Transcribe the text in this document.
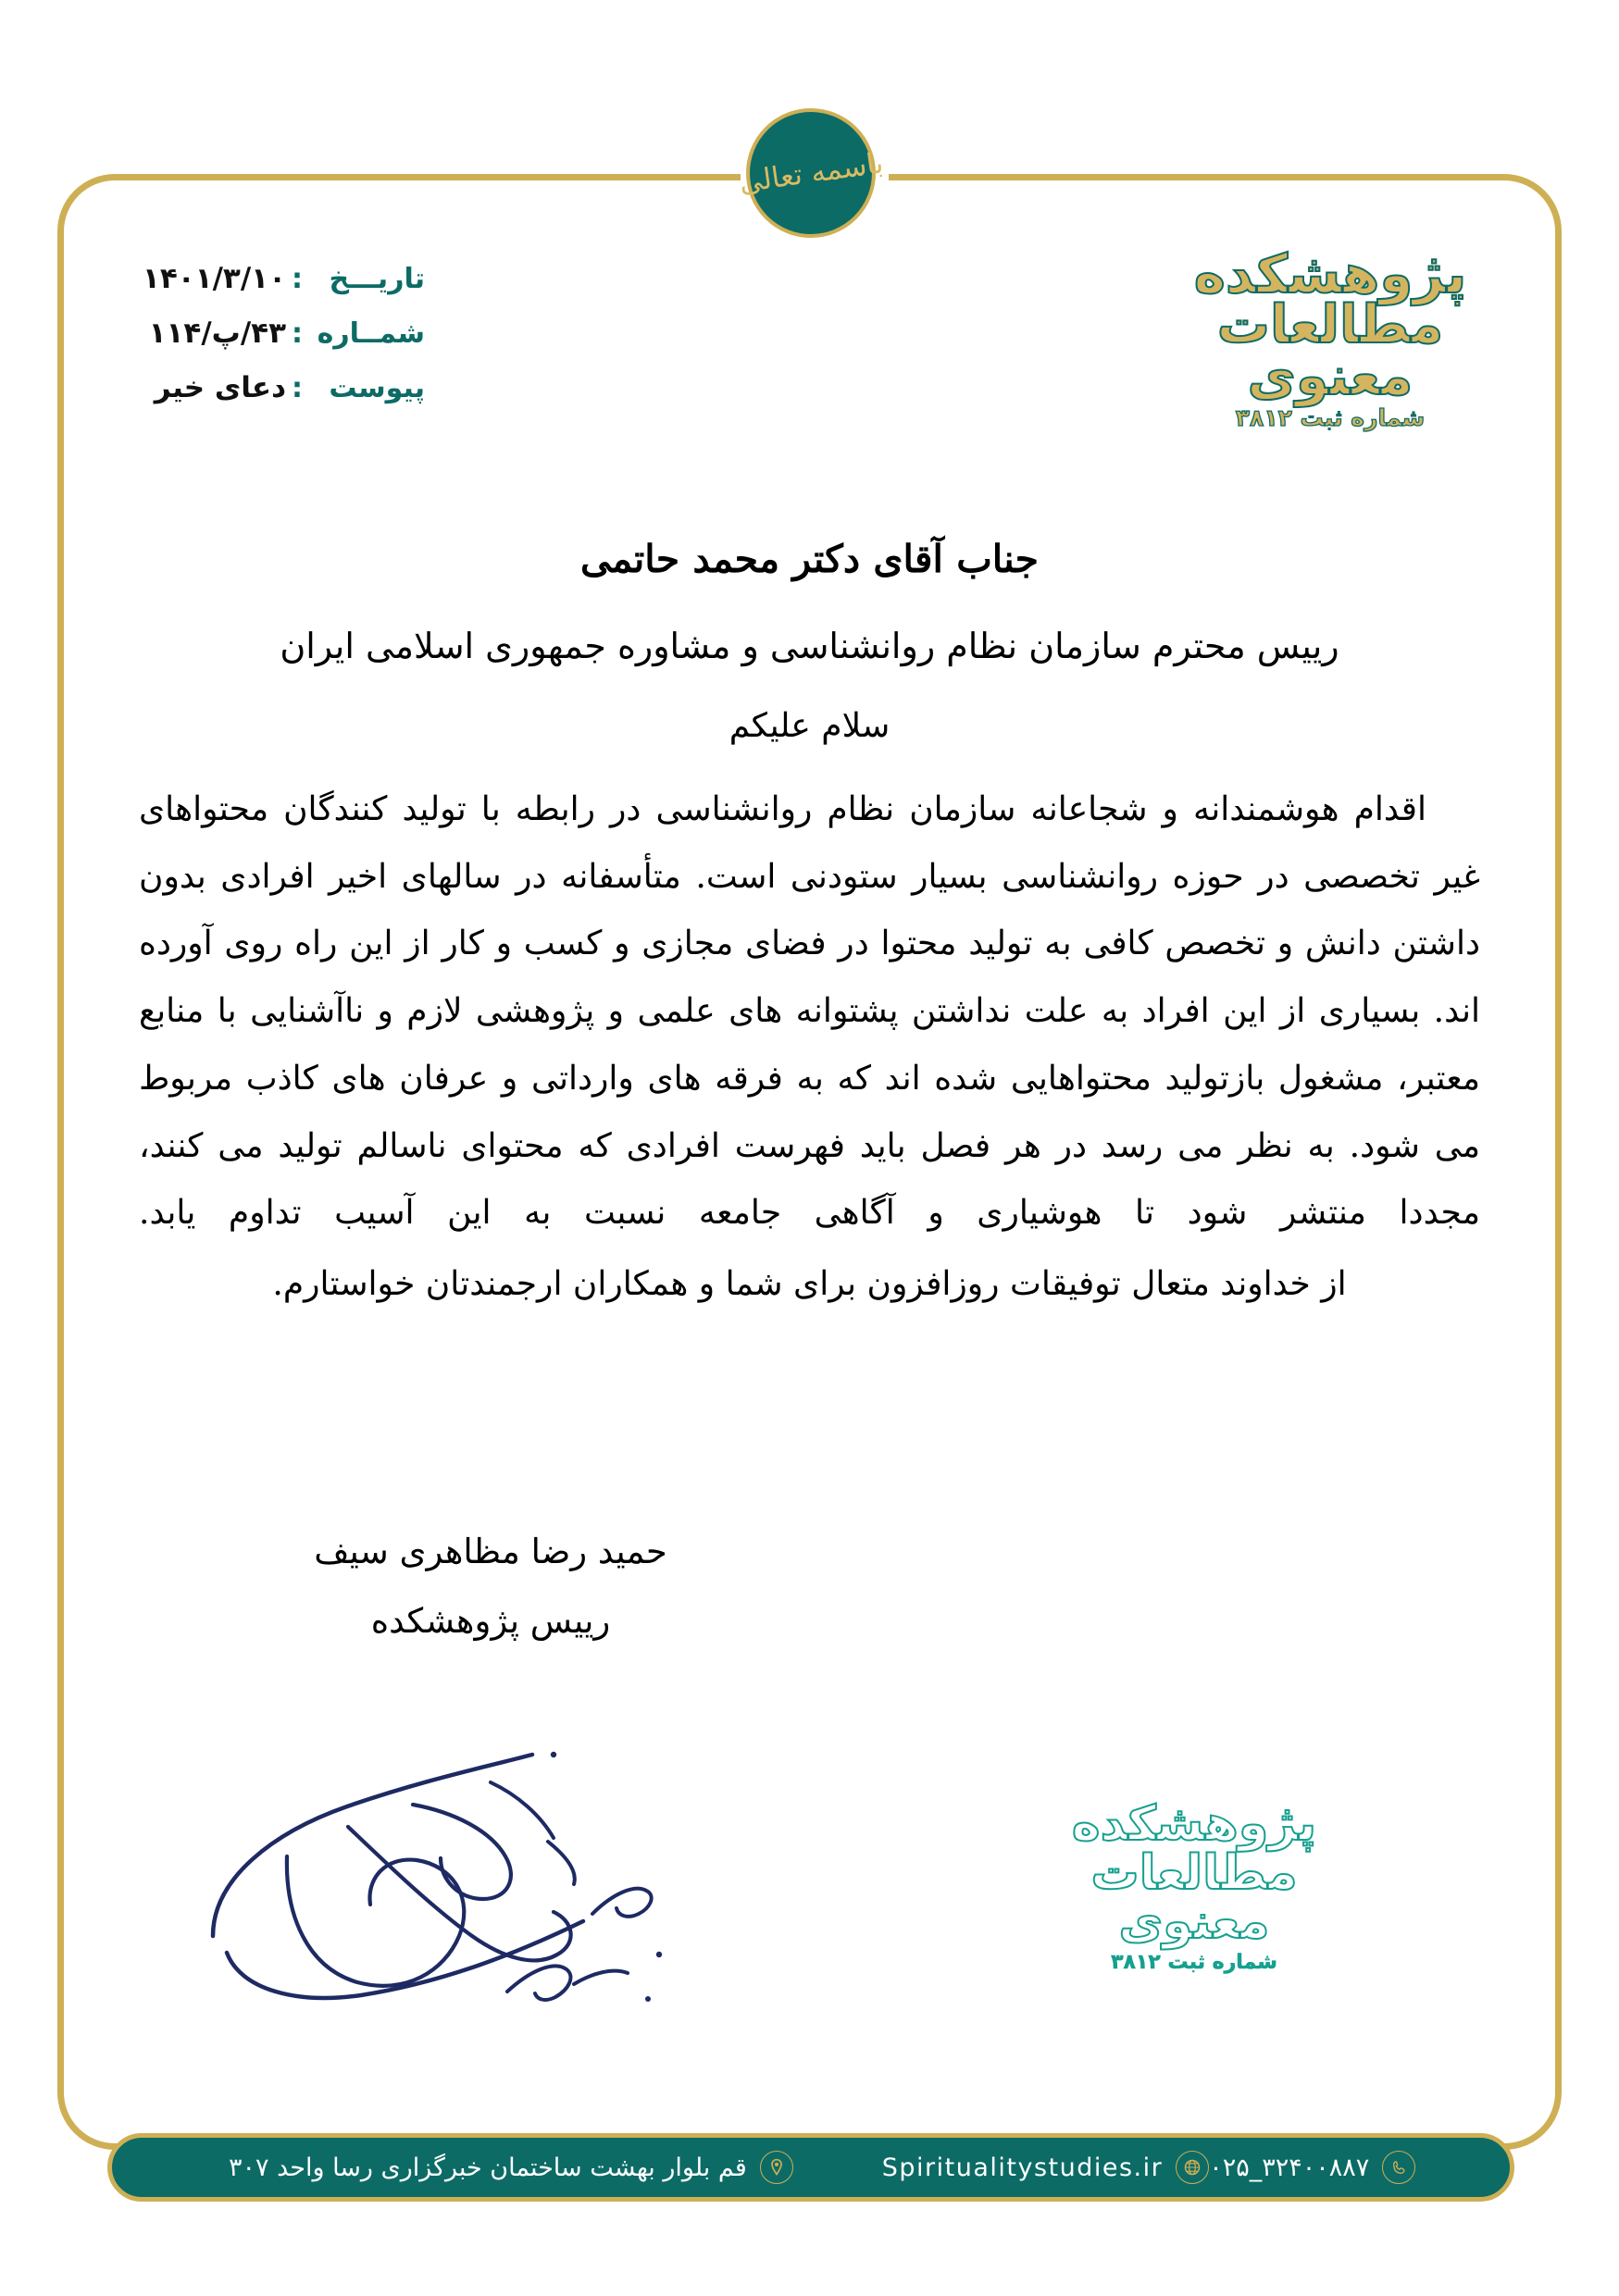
باسمه تعالی
تاریـــخ
:
۱۴۰۱/۳/۱۰
شمــاره
:
۴۳/پ/۱۱۴
پیوست
:
دعای خیر
پژوهشکده
مطالعات
معنوی
شماره ثبت ۳۸۱۲
جناب آقای دکتر محمد حاتمی
ریيس محترم سازمان نظام روانشناسی و مشاوره جمهوری اسلامی ایران
سلام علیکم
اقدام هوشمندانه و شجاعانه سازمان نظام روانشناسی در رابطه با تولید کنندگان محتواهای غیر تخصصی در حوزه روانشناسی بسیار ستودنی است. متأسفانه در سالهای اخیر افرادی بدون داشتن دانش و تخصص کافی به تولید محتوا در فضای مجازی و کسب و کار از این راه روی آورده اند. بسیاری از این افراد به علت نداشتن پشتوانه های علمی و پژوهشی لازم و ناآشنایی با منابع معتبر، مشغول بازتولید محتواهایی شده اند که به فرقه های وارداتی و عرفان های کاذب مربوط می شود. به نظر می رسد در هر فصل باید فهرست افرادی که محتوای ناسالم تولید می کنند، مجددا منتشر شود تا هوشیاری و آگاهی جامعه نسبت به این آسیب تداوم یابد.
از خداوند متعال توفیقات روزافزون برای شما و همکاران ارجمندتان خواستارم.
حمید رضا مظاهری سیف
رییس پژوهشکده
پژوهشکده
مطالعات
معنوی
شماره ثبت ۳۸۱۲
قم بلوار بهشت ساختمان خبرگزاری رسا واحد ۳۰۷	Spiritualitystudies.ir ۰۲۵_۳۲۴۰۰۸۸۷
